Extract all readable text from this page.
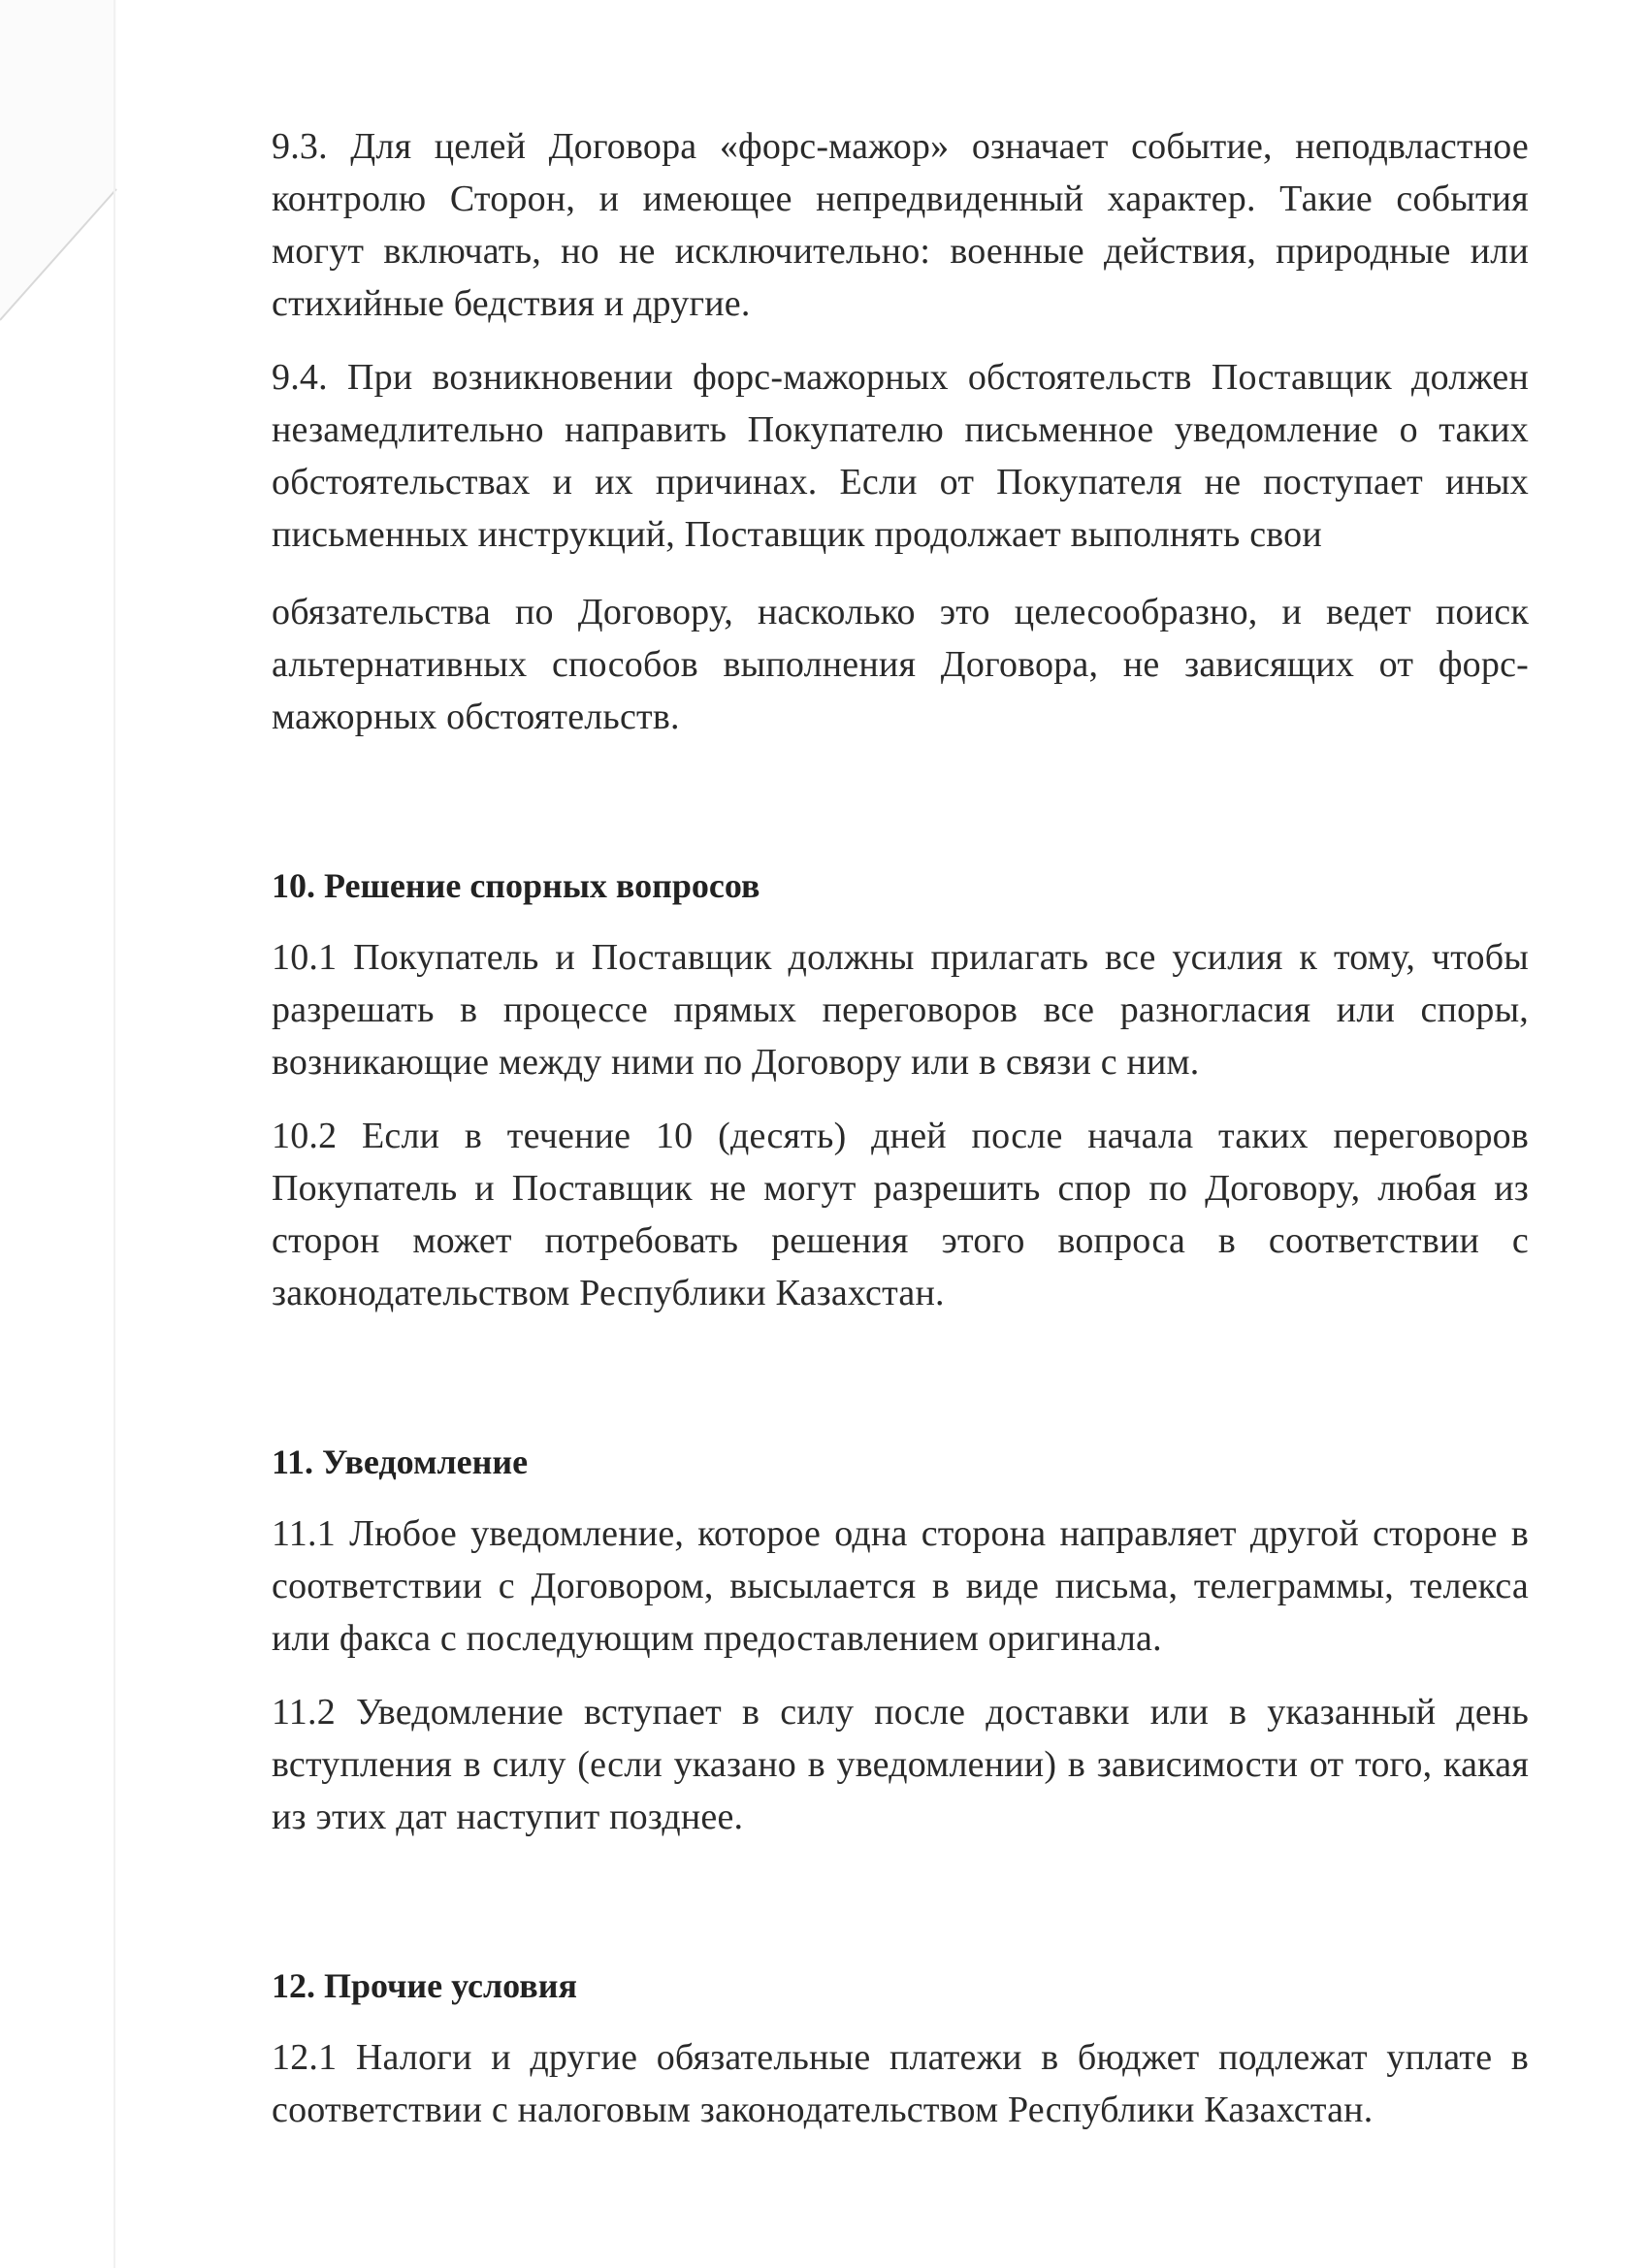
9.3. Для целей Договора «форс-мажор» означает событие, неподвластное контролю Сторон, и имеющее непредвиденный характер. Такие события могут включать, но не исключительно: военные действия, природные или стихийные бедствия и другие.

9.4. При возникновении форс-мажорных обстоятельств Поставщик должен незамедлительно направить Покупателю письменное уведомление о таких обстоятельствах и их причинах. Если от Покупателя не поступает иных письменных инструкций, Поставщик продолжает выполнять свои

обязательства по Договору, насколько это целесообразно, и ведет поиск альтернативных способов выполнения Договора, не зависящих от форс-мажорных обстоятельств.

10. Решение спорных вопросов

10.1 Покупатель и Поставщик должны прилагать все усилия к тому, чтобы разрешать в процессе прямых переговоров все разногласия или споры, возникающие между ними по Договору или в связи с ним.

10.2 Если в течение 10 (десять) дней после начала таких переговоров Покупатель и Поставщик не могут разрешить спор по Договору, любая из сторон может потребовать решения этого вопроса в соответствии с законодательством Республики Казахстан.

11. Уведомление

11.1 Любое уведомление, которое одна сторона направляет другой стороне в соответствии с Договором, высылается в виде письма, телеграммы, телекса или факса с последующим предоставлением оригинала.

11.2 Уведомление вступает в силу после доставки или в указанный день вступления в силу (если указано в уведомлении) в зависимости от того, какая из этих дат наступит позднее.

12. Прочие условия

12.1 Налоги и другие обязательные платежи в бюджет подлежат уплате в соответствии с налоговым законодательством Республики Казахстан.
